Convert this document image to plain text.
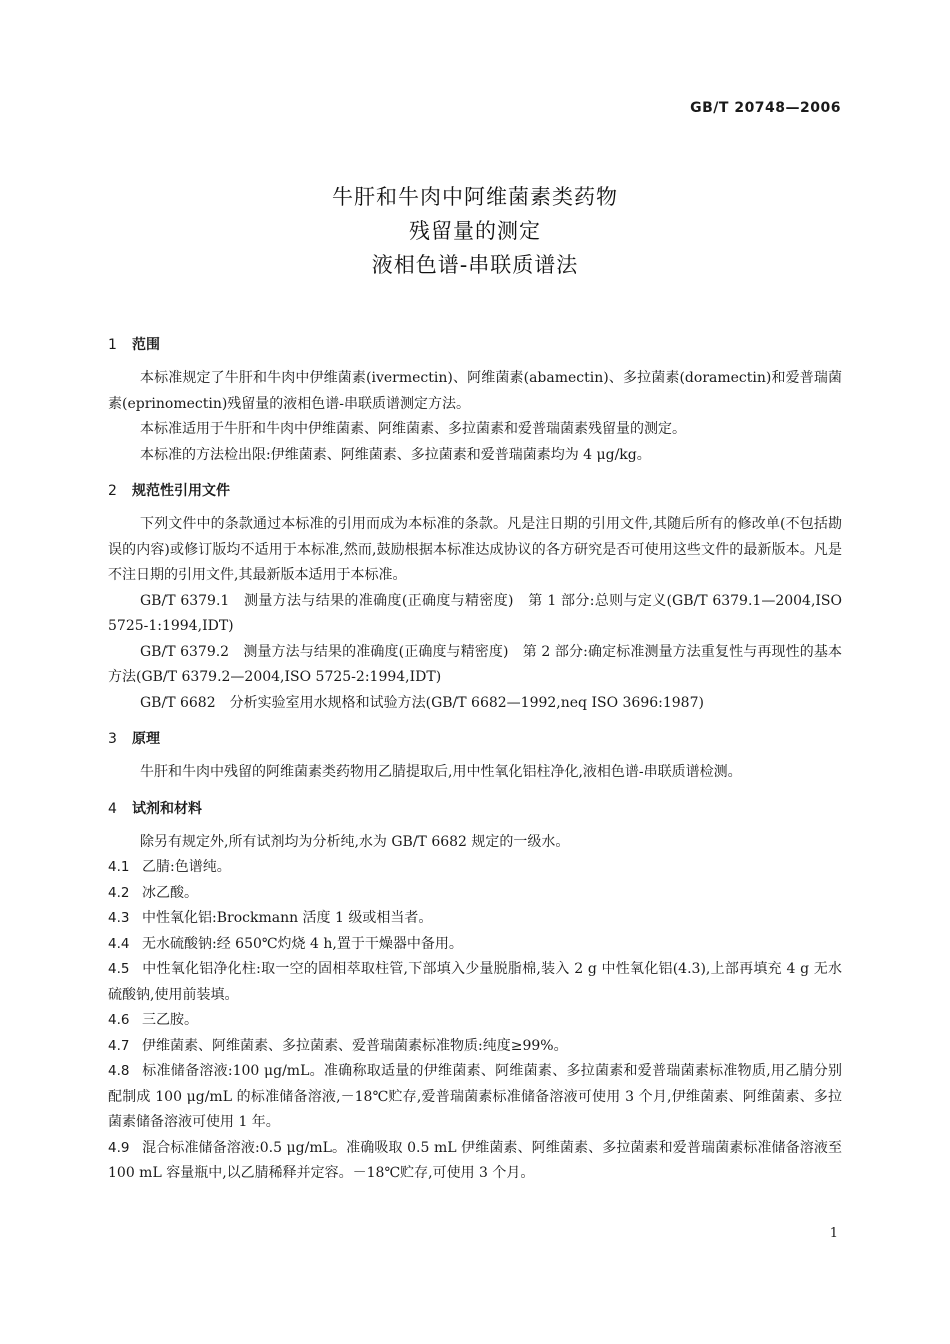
GB/T 20748—2006
牛肝和牛肉中阿维菌素类药物
残留量的测定
液相色谱-串联质谱法
1 范围

本标准规定了牛肝和牛肉中伊维菌素(ivermectin)、阿维菌素(abamectin)、多拉菌素(doramectin)和爱普瑞菌素(eprinomectin)残留量的液相色谱-串联质谱测定方法。

本标准适用于牛肝和牛肉中伊维菌素、阿维菌素、多拉菌素和爱普瑞菌素残留量的测定。

本标准的方法检出限:伊维菌素、阿维菌素、多拉菌素和爱普瑞菌素均为 4 μg/kg。

2 规范性引用文件

下列文件中的条款通过本标准的引用而成为本标准的条款。凡是注日期的引用文件,其随后所有的修改单(不包括勘误的内容)或修订版均不适用于本标准,然而,鼓励根据本标准达成协议的各方研究是否可使用这些文件的最新版本。凡是不注日期的引用文件,其最新版本适用于本标准。

GB/T 6379.1　测量方法与结果的准确度(正确度与精密度)　第 1 部分:总则与定义(GB/T 6379.1—2004,ISO 5725-1:1994,IDT)

GB/T 6379.2　测量方法与结果的准确度(正确度与精密度)　第 2 部分:确定标准测量方法重复性与再现性的基本方法(GB/T 6379.2—2004,ISO 5725-2:1994,IDT)

GB/T 6682　分析实验室用水规格和试验方法(GB/T 6682—1992,neq ISO 3696:1987)

3 原理

牛肝和牛肉中残留的阿维菌素类药物用乙腈提取后,用中性氧化铝柱净化,液相色谱-串联质谱检测。

4 试剂和材料

除另有规定外,所有试剂均为分析纯,水为 GB/T 6682 规定的一级水。

4.1 乙腈:色谱纯。

4.2 冰乙酸。

4.3 中性氧化铝:Brockmann 活度 1 级或相当者。

4.4 无水硫酸钠:经 650℃灼烧 4 h,置于干燥器中备用。

4.5 中性氧化铝净化柱:取一空的固相萃取柱管,下部填入少量脱脂棉,装入 2 g 中性氧化铝(4.3),上部再填充 4 g 无水硫酸钠,使用前装填。

4.6 三乙胺。

4.7 伊维菌素、阿维菌素、多拉菌素、爱普瑞菌素标准物质:纯度≥99%。

4.8 标准储备溶液:100 μg/mL。准确称取适量的伊维菌素、阿维菌素、多拉菌素和爱普瑞菌素标准物质,用乙腈分别配制成 100 μg/mL 的标准储备溶液,－18℃贮存,爱普瑞菌素标准储备溶液可使用 3 个月,伊维菌素、阿维菌素、多拉菌素储备溶液可使用 1 年。

4.9 混合标准储备溶液:0.5 μg/mL。准确吸取 0.5 mL 伊维菌素、阿维菌素、多拉菌素和爱普瑞菌素标准储备溶液至 100 mL 容量瓶中,以乙腈稀释并定容。－18℃贮存,可使用 3 个月。

1
